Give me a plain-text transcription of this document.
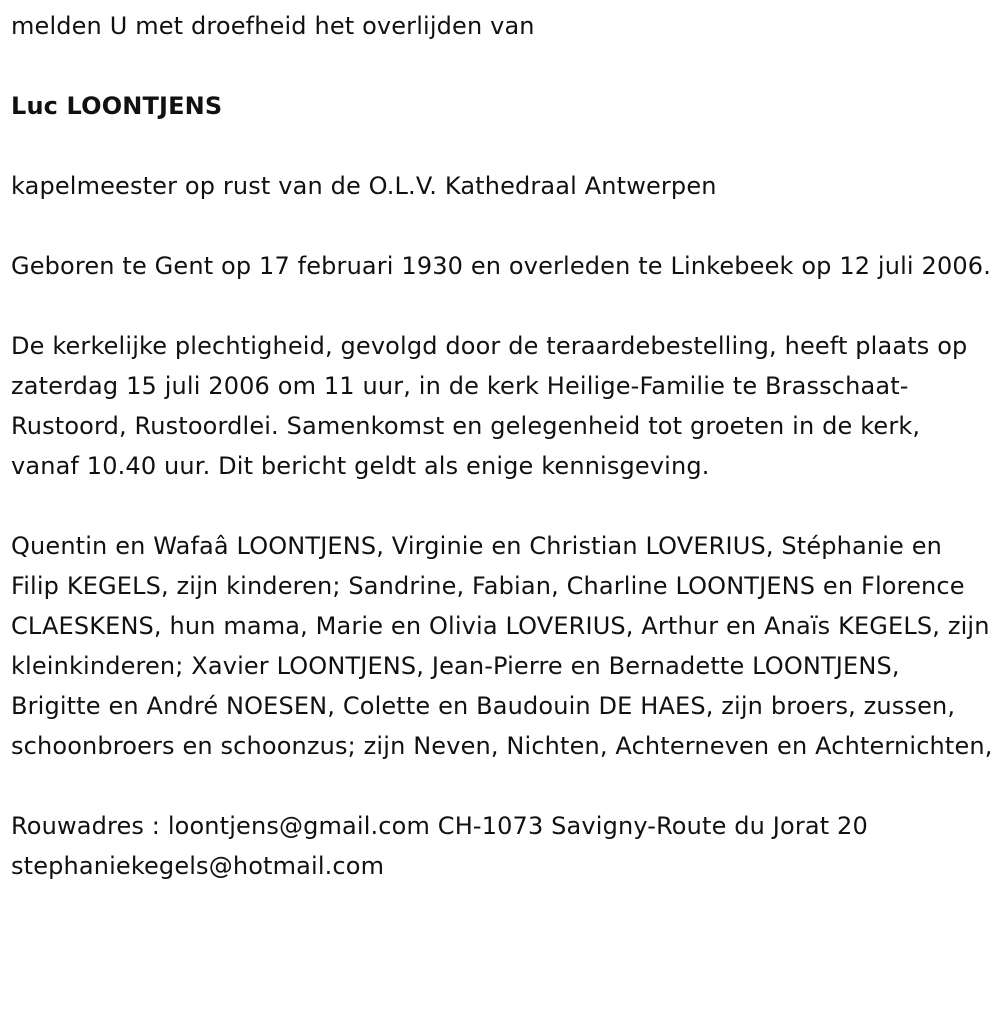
melden U met droefheid het overlijden van

Luc LOONTJENS

kapelmeester op rust van de O.L.V. Kathedraal Antwerpen

Geboren te Gent op 17 februari 1930 en overleden te Linkebeek op 12 juli 2006.

De kerkelijke plechtigheid, gevolgd door de teraardebestelling, heeft plaats op zaterdag 15 juli 2006 om 11 uur, in de kerk Heilige-Familie te Brasschaat-Rustoord, Rustoordlei. Samenkomst en gelegenheid tot groeten in de kerk, vanaf 10.40 uur. Dit bericht geldt als enige kennisgeving.

Quentin en Wafaâ LOONTJENS, Virginie en Christian LOVERIUS, Stéphanie en Filip KEGELS, zijn kinderen; Sandrine, Fabian, Charline LOONTJENS en Florence CLAESKENS, hun mama, Marie en Olivia LOVERIUS, Arthur en Anaïs KEGELS, zijn kleinkinderen; Xavier LOONTJENS, Jean-Pierre en Bernadette LOONTJENS, Brigitte en André NOESEN, Colette en Baudouin DE HAES, zijn broers, zussen, schoonbroers en schoonzus; zijn Neven, Nichten, Achterneven en Achternichten,

Rouwadres : loontjens@gmail.com CH-1073 Savigny-Route du Jorat 20 stephaniekegels@hotmail.com
